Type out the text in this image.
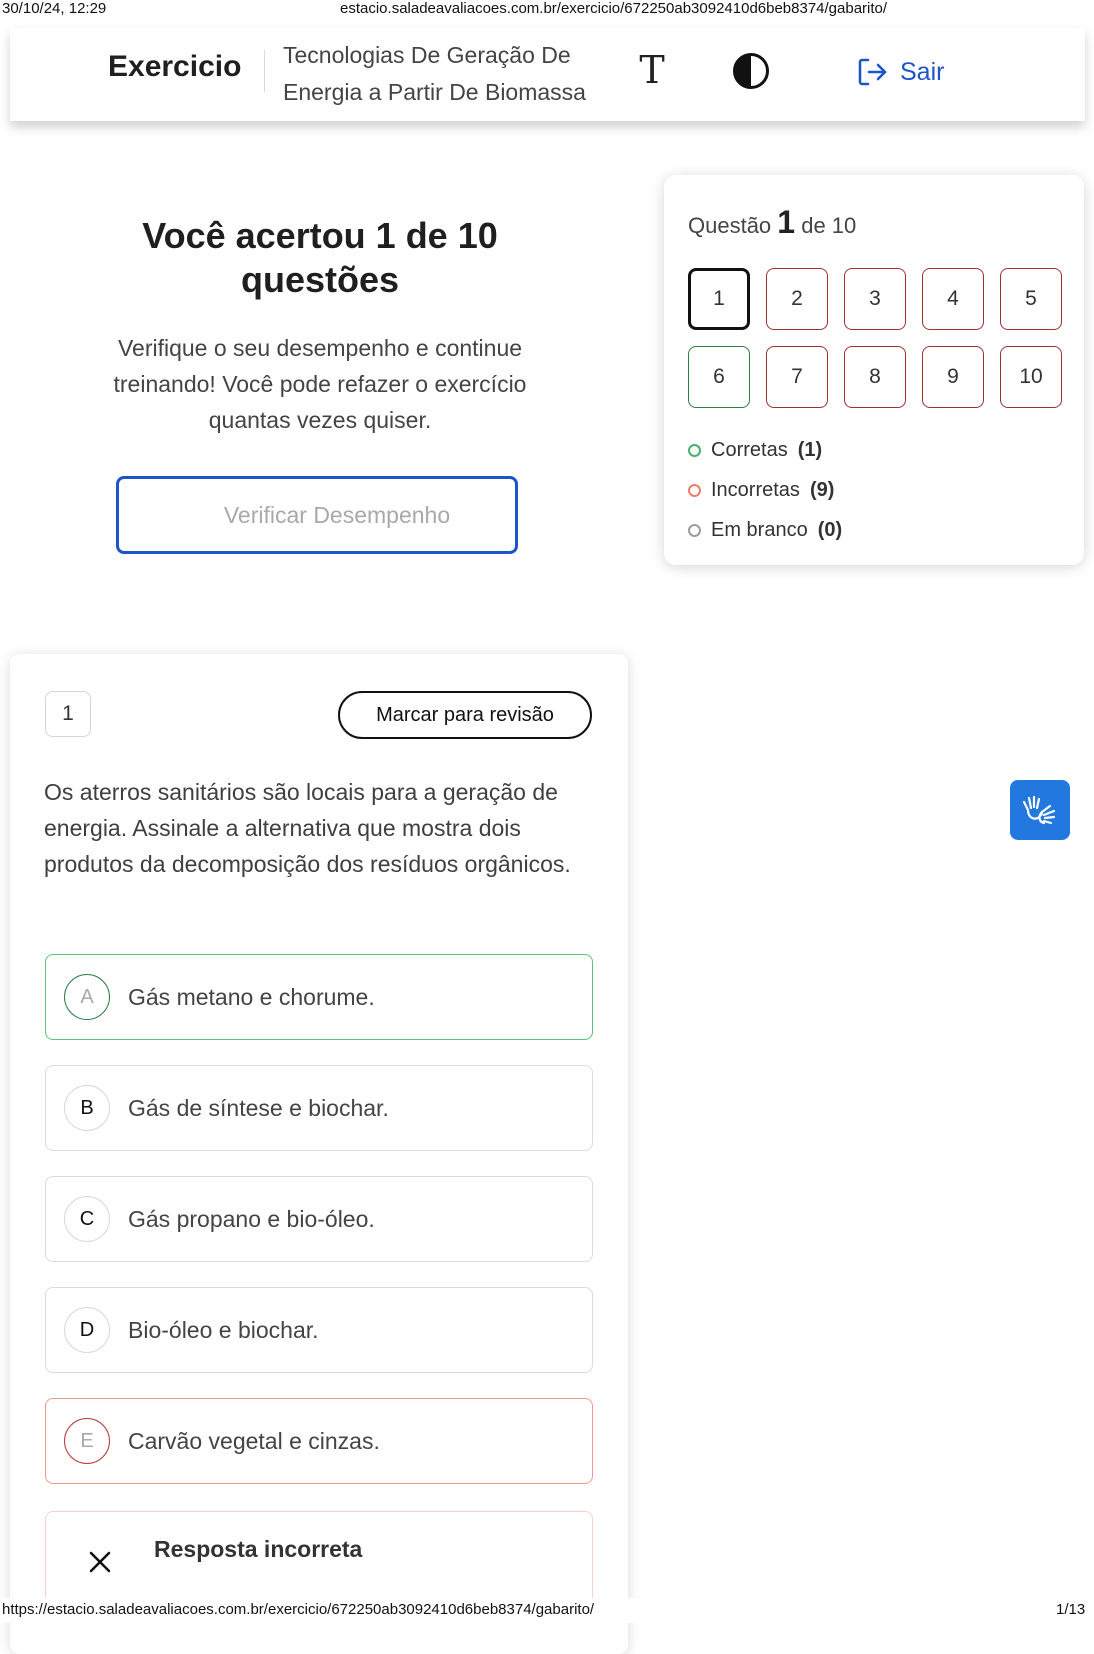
30/10/24, 12:29	estacio.saladeavaliacoes.com.br/exercicio/672250ab3092410d6beb8374/gabarito/
Exercicio Tecnologias De Geração De Energia a Partir De Biomassa	T	Sair
Você acertou 1 de 10 questões
Verifique o seu desempenho e continue treinando! Você pode refazer o exercício quantas vezes quiser.
Verificar Desempenho
Questão 1 de 10
1	2	3	4	5
6	7	8	9	10
Corretas (1)
Incorretas (9)
Em branco (0)
1	Marcar para revisão
Os aterros sanitários são locais para a geração de energia. Assinale a alternativa que mostra dois produtos da decomposição dos resíduos orgânicos.
A	Gás metano e chorume.
B	Gás de síntese e biochar.
C	Gás propano e bio-óleo.
D	Bio-óleo e biochar.
E	Carvão vegetal e cinzas.
Resposta incorreta
https://estacio.saladeavaliacoes.com.br/exercicio/672250ab3092410d6beb8374/gabarito/	1/13
